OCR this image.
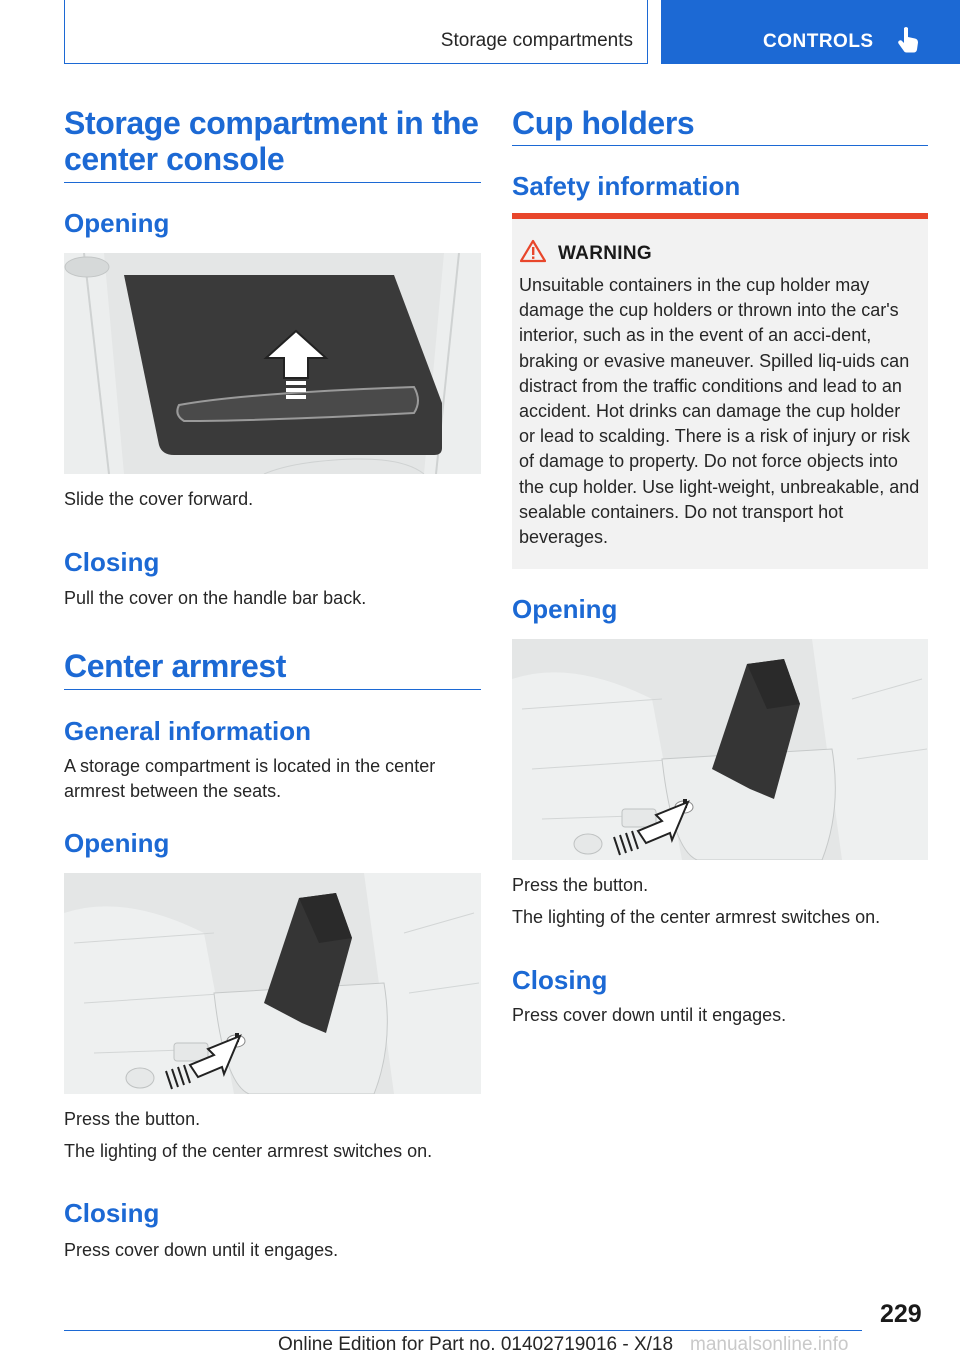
Storage compartments	CONTROLS
Storage compartment in the center console
Opening

Slide the cover forward.

Closing

Pull the cover on the handle bar back.

Center armrest
General information

A storage compartment is located in the center armrest between the seats.

Opening

Press the button.

The lighting of the center armrest switches on.

Closing

Press cover down until it engages.

Cup holders
Safety information
WARNING

Unsuitable containers in the cup holder may damage the cup holders or thrown into the car's interior, such as in the event of an acci-dent, braking or evasive maneuver. Spilled liq-uids can distract from the traffic conditions and lead to an accident. Hot drinks can damage the cup holder or lead to scalding. There is a risk of injury or risk of damage to property. Do not force objects into the cup holder. Use light-weight, unbreakable, and sealable containers. Do not transport hot beverages.

Opening

Press the button.

The lighting of the center armrest switches on.

Closing

Press cover down until it engages.

229
Online Edition for Part no. 01402719016 - X/18 manualsonline.info
